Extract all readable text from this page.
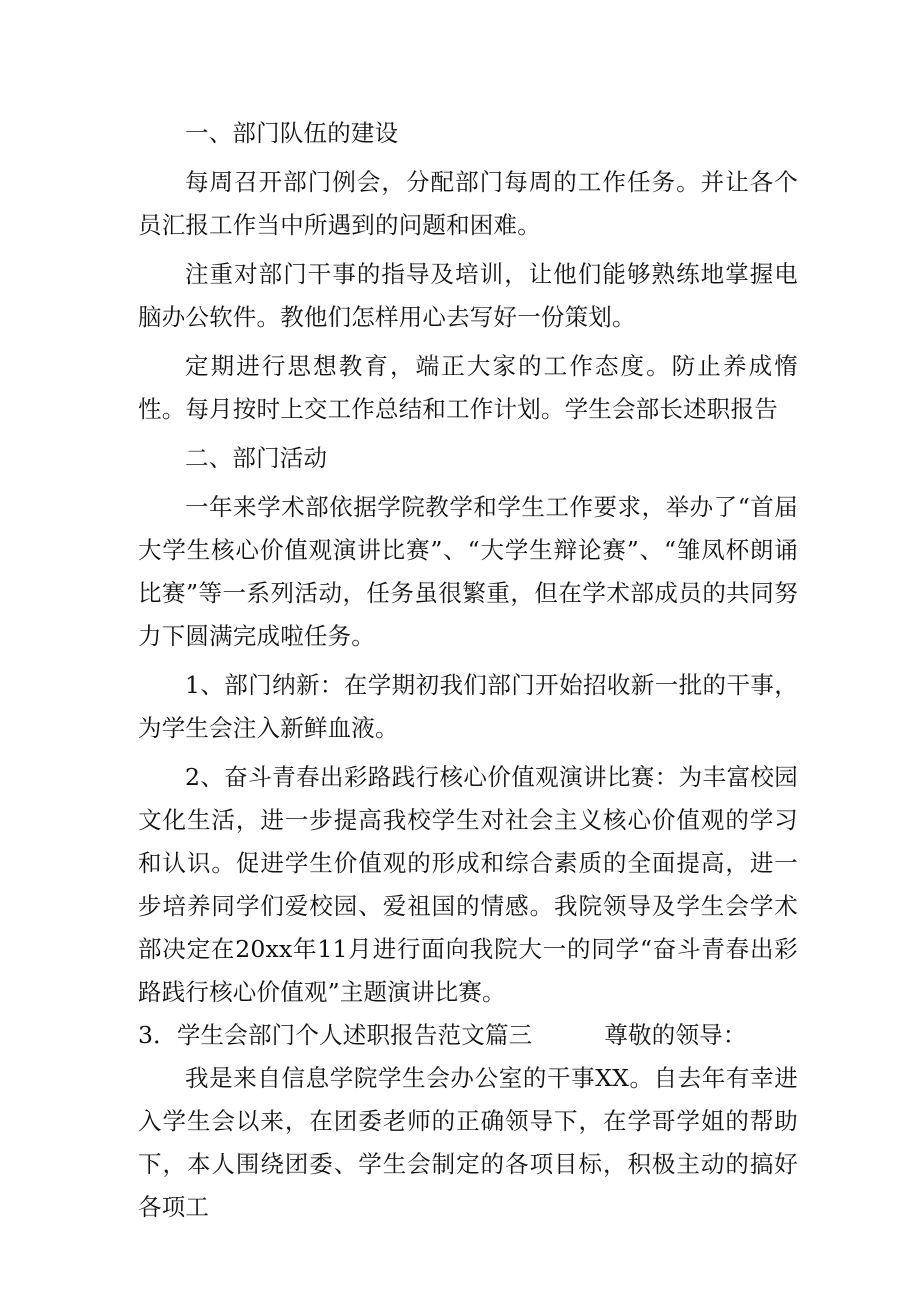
一、部门队伍的建设

每周召开部门例会，分配部门每周的工作任务。并让各个员汇报工作当中所遇到的问题和困难。

注重对部门干事的指导及培训，让他们能够熟练地掌握电脑办公软件。教他们怎样用心去写好一份策划。

定期进行思想教育，端正大家的工作态度。防止养成惰性。每月按时上交工作总结和工作计划。学生会部长述职报告

二、部门活动

一年来学术部依据学院教学和学生工作要求，举办了“首届大学生核心价值观演讲比赛”、“大学生辩论赛”、“雏凤杯朗诵比赛”等一系列活动，任务虽很繁重，但在学术部成员的共同努力下圆满完成啦任务。

1、部门纳新：在学期初我们部门开始招收新一批的干事，为学生会注入新鲜血液。

2、奋斗青春出彩路践行核心价值观演讲比赛：为丰富校园文化生活，进一步提高我校学生对社会主义核心价值观的学习和认识。促进学生价值观的形成和综合素质的全面提高，进一步培养同学们爱校园、爱祖国的情感。我院领导及学生会学术部决定在20xx年11月进行面向我院大一的同学“奋斗青春出彩路践行核心价值观”主题演讲比赛。

3．学生会部门个人述职报告范文篇三	尊敬的领导：

我是来自信息学院学生会办公室的干事XX。自去年有幸进入学生会以来，在团委老师的正确领导下，在学哥学姐的帮助下，本人围绕团委、学生会制定的各项目标，积极主动的搞好各项工
